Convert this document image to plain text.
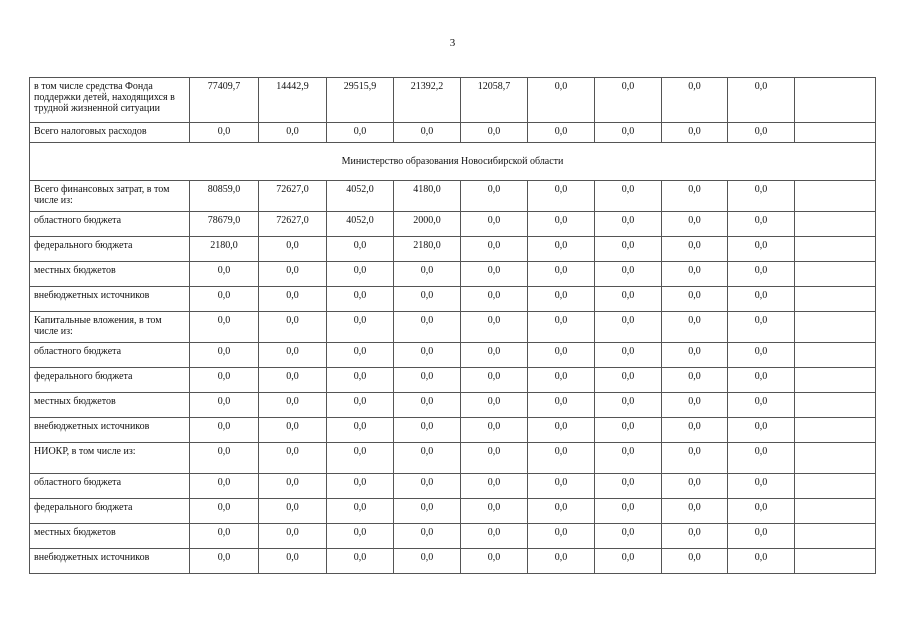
3
в том числе средства Фонда поддержки детей, находящихся в трудной жизненной ситуации	77409,7	14442,9	29515,9	21392,2	12058,7	0,0	0,0	0,0	0,0	
Всего налоговых расходов	0,0	0,0	0,0	0,0	0,0	0,0	0,0	0,0	0,0	
Министерство образования Новосибирской области										
Всего финансовых затрат, в том числе из:	80859,0	72627,0	4052,0	4180,0	0,0	0,0	0,0	0,0	0,0	
областного бюджета	78679,0	72627,0	4052,0	2000,0	0,0	0,0	0,0	0,0	0,0	
федерального бюджета	2180,0	0,0	0,0	2180,0	0,0	0,0	0,0	0,0	0,0	
местных бюджетов	0,0	0,0	0,0	0,0	0,0	0,0	0,0	0,0	0,0	
внебюджетных источников	0,0	0,0	0,0	0,0	0,0	0,0	0,0	0,0	0,0	
Капитальные вложения, в том числе из:	0,0	0,0	0,0	0,0	0,0	0,0	0,0	0,0	0,0	
областного бюджета	0,0	0,0	0,0	0,0	0,0	0,0	0,0	0,0	0,0	
федерального бюджета	0,0	0,0	0,0	0,0	0,0	0,0	0,0	0,0	0,0	
местных бюджетов	0,0	0,0	0,0	0,0	0,0	0,0	0,0	0,0	0,0	
внебюджетных источников	0,0	0,0	0,0	0,0	0,0	0,0	0,0	0,0	0,0	
НИОКР, в том числе из:	0,0	0,0	0,0	0,0	0,0	0,0	0,0	0,0	0,0	
областного бюджета	0,0	0,0	0,0	0,0	0,0	0,0	0,0	0,0	0,0	
федерального бюджета	0,0	0,0	0,0	0,0	0,0	0,0	0,0	0,0	0,0	
местных бюджетов	0,0	0,0	0,0	0,0	0,0	0,0	0,0	0,0	0,0	
внебюджетных источников	0,0	0,0	0,0	0,0	0,0	0,0	0,0	0,0	0,0	
